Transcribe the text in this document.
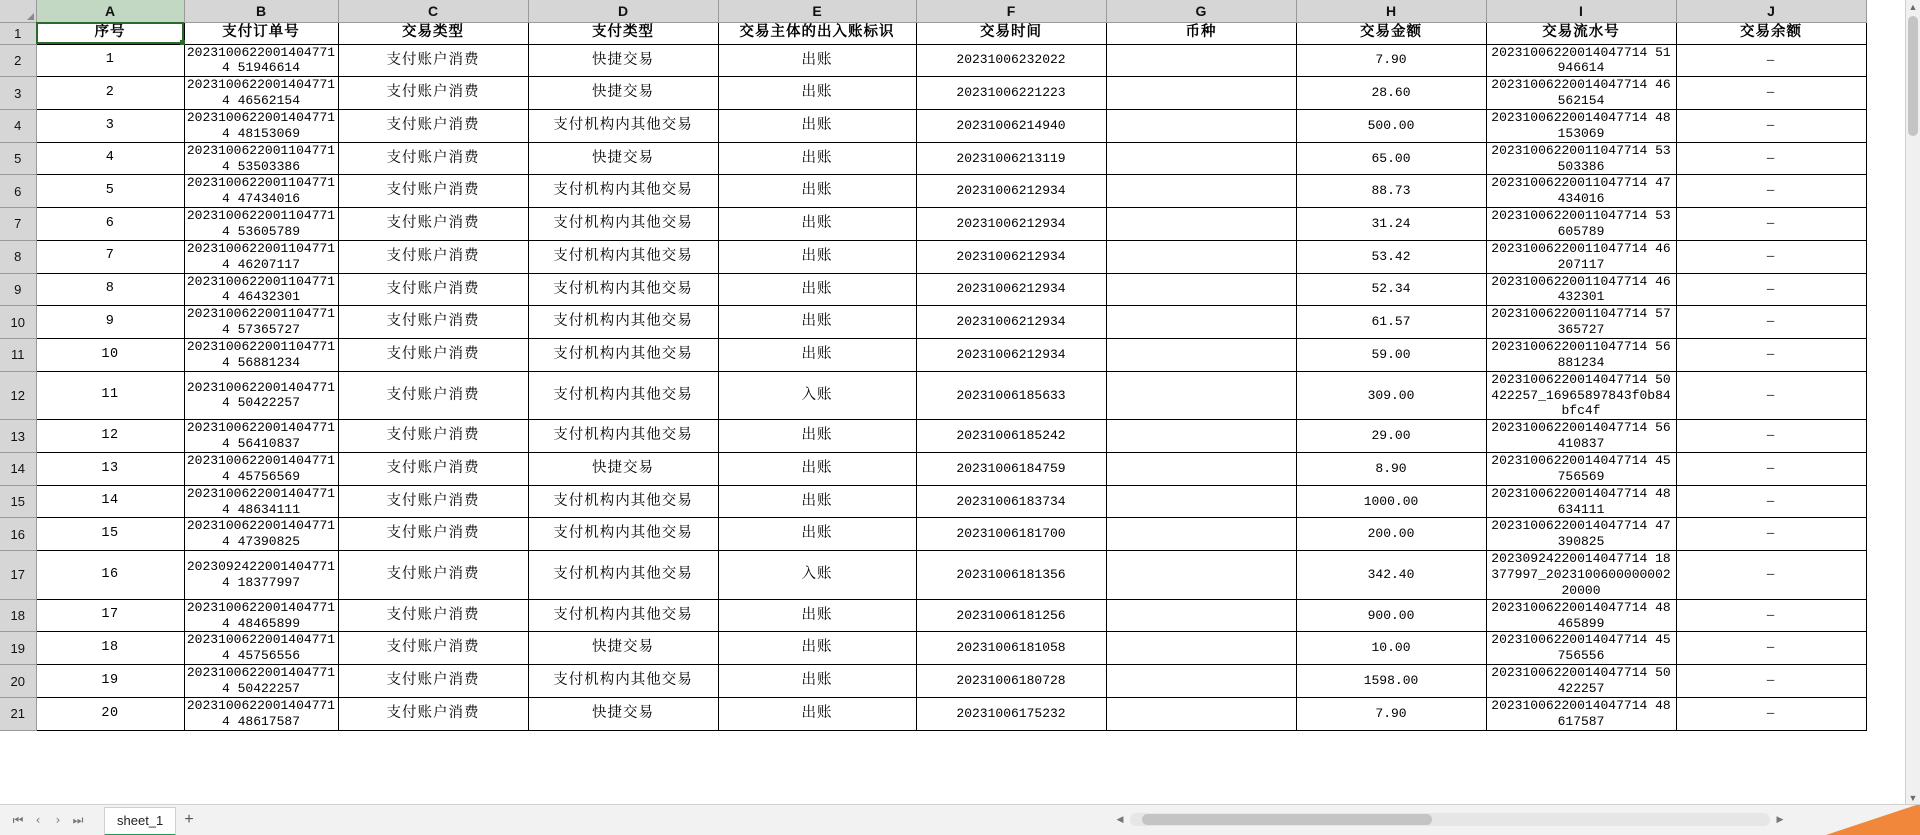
	A	B	C	D	E	F	G	H	I	J
1	序号	支付订单号	交易类型	支付类型	交易主体的出入账标识	交易时间	币种	交易金额	交易流水号	交易余额
2	1	20231006220014047714 51946614	支付账户消费	快捷交易	出账	20231006232022		7.90	20231006220014047714 51946614	–
3	2	20231006220014047714 46562154	支付账户消费	快捷交易	出账	20231006221223		28.60	20231006220014047714 46562154	–
4	3	20231006220014047714 48153069	支付账户消费	支付机构内其他交易	出账	20231006214940		500.00	20231006220014047714 48153069	–
5	4	20231006220011047714 53503386	支付账户消费	快捷交易	出账	20231006213119		65.00	20231006220011047714 53503386	–
6	5	20231006220011047714 47434016	支付账户消费	支付机构内其他交易	出账	20231006212934		88.73	20231006220011047714 47434016	–
7	6	20231006220011047714 53605789	支付账户消费	支付机构内其他交易	出账	20231006212934		31.24	20231006220011047714 53605789	–
8	7	20231006220011047714 46207117	支付账户消费	支付机构内其他交易	出账	20231006212934		53.42	20231006220011047714 46207117	–
9	8	20231006220011047714 46432301	支付账户消费	支付机构内其他交易	出账	20231006212934		52.34	20231006220011047714 46432301	–
10	9	20231006220011047714 57365727	支付账户消费	支付机构内其他交易	出账	20231006212934		61.57	20231006220011047714 57365727	–
11	10	20231006220011047714 56881234	支付账户消费	支付机构内其他交易	出账	20231006212934		59.00	20231006220011047714 56881234	–
12	11	20231006220014047714 50422257	支付账户消费	支付机构内其他交易	入账	20231006185633		309.00	20231006220014047714 50422257_16965897843f0b84bfc4f	–
13	12	20231006220014047714 56410837	支付账户消费	支付机构内其他交易	出账	20231006185242		29.00	20231006220014047714 56410837	–
14	13	20231006220014047714 45756569	支付账户消费	快捷交易	出账	20231006184759		8.90	20231006220014047714 45756569	–
15	14	20231006220014047714 48634111	支付账户消费	支付机构内其他交易	出账	20231006183734		1000.00	20231006220014047714 48634111	–
16	15	20231006220014047714 47390825	支付账户消费	支付机构内其他交易	出账	20231006181700		200.00	20231006220014047714 47390825	–
17	16	20230924220014047714 18377997	支付账户消费	支付机构内其他交易	入账	20231006181356		342.40	20230924220014047714 18377997_202310060000000220000	–
18	17	20231006220014047714 48465899	支付账户消费	支付机构内其他交易	出账	20231006181256		900.00	20231006220014047714 48465899	–
19	18	20231006220014047714 45756556	支付账户消费	快捷交易	出账	20231006181058		10.00	20231006220014047714 45756556	–
20	19	20231006220014047714 50422257	支付账户消费	支付机构内其他交易	出账	20231006180728		1598.00	20231006220014047714 50422257	–
21	20	20231006220014047714 48617587	支付账户消费	快捷交易	出账	20231006175232		7.90	20231006220014047714 48617587	–
▲
▼
⏮	‹	›	⏭	sheet_1	+	◀	▶
